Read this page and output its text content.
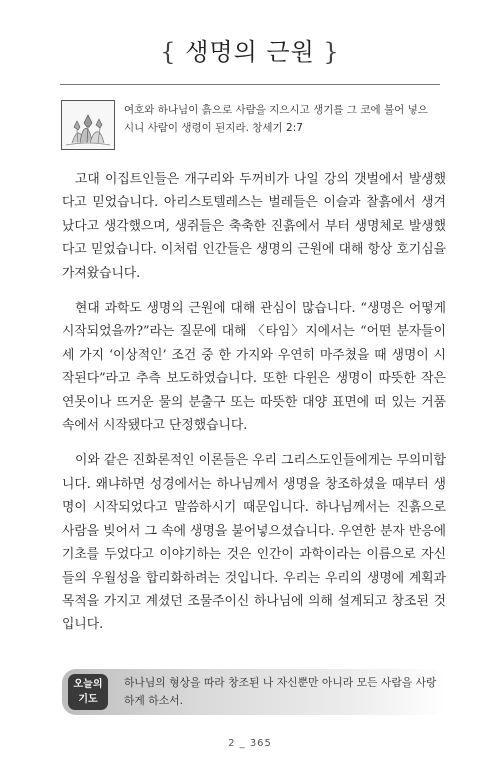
{ 생명의 근원 }
여호와 하나님이 흙으로 사람을 지으시고 생기를 그 코에 불어 넣으
시니 사람이 생령이 된지라. 창세기 2:7

고대 이집트인들은 개구리와 두꺼비가 나일 강의 갯벌에서 발생했다고 믿었습니다. 아리스토텔레스는 벌레들은 이슬과 찰흙에서 생겨났다고 생각했으며, 생쥐들은 축축한 진흙에서 부터 생명체로 발생했다고 믿었습니다. 이처럼 인간들은 생명의 근원에 대해 항상 호기심을 가져왔습니다.

현대 과학도 생명의 근원에 대해 관심이 많습니다. “생명은 어떻게 시작되었을까?”라는 질문에 대해 〈타임〉지에서는 “어떤 분자들이 세 가지 ‘이상적인’ 조건 중 한 가지와 우연히 마주쳤을 때 생명이 시작된다”라고 추측 보도하였습니다. 또한 다윈은 생명이 따뜻한 작은 연못이나 뜨거운 물의 분출구 또는 따뜻한 대양 표면에 떠 있는 거품 속에서 시작됐다고 단정했습니다.

이와 같은 진화론적인 이론들은 우리 그리스도인들에게는 무의미합니다. 왜냐하면 성경에서는 하나님께서 생명을 창조하셨을 때부터 생명이 시작되었다고 말씀하시기 때문입니다. 하나님께서는 진흙으로 사람을 빚어서 그 속에 생명을 불어넣으셨습니다. 우연한 분자 반응에 기초를 두었다고 이야기하는 것은 인간이 과학이라는 이름으로 자신들의 우월성을 합리화하려는 것입니다. 우리는 우리의 생명에 계획과 목적을 가지고 계셨던 조물주이신 하나님에 의해 설계되고 창조된 것입니다.

오늘의
기도
하나님의 형상을 따라 창조된 나 자신뿐만 아니라 모든 사람을 사랑하게 하소서.
2 _ 365
